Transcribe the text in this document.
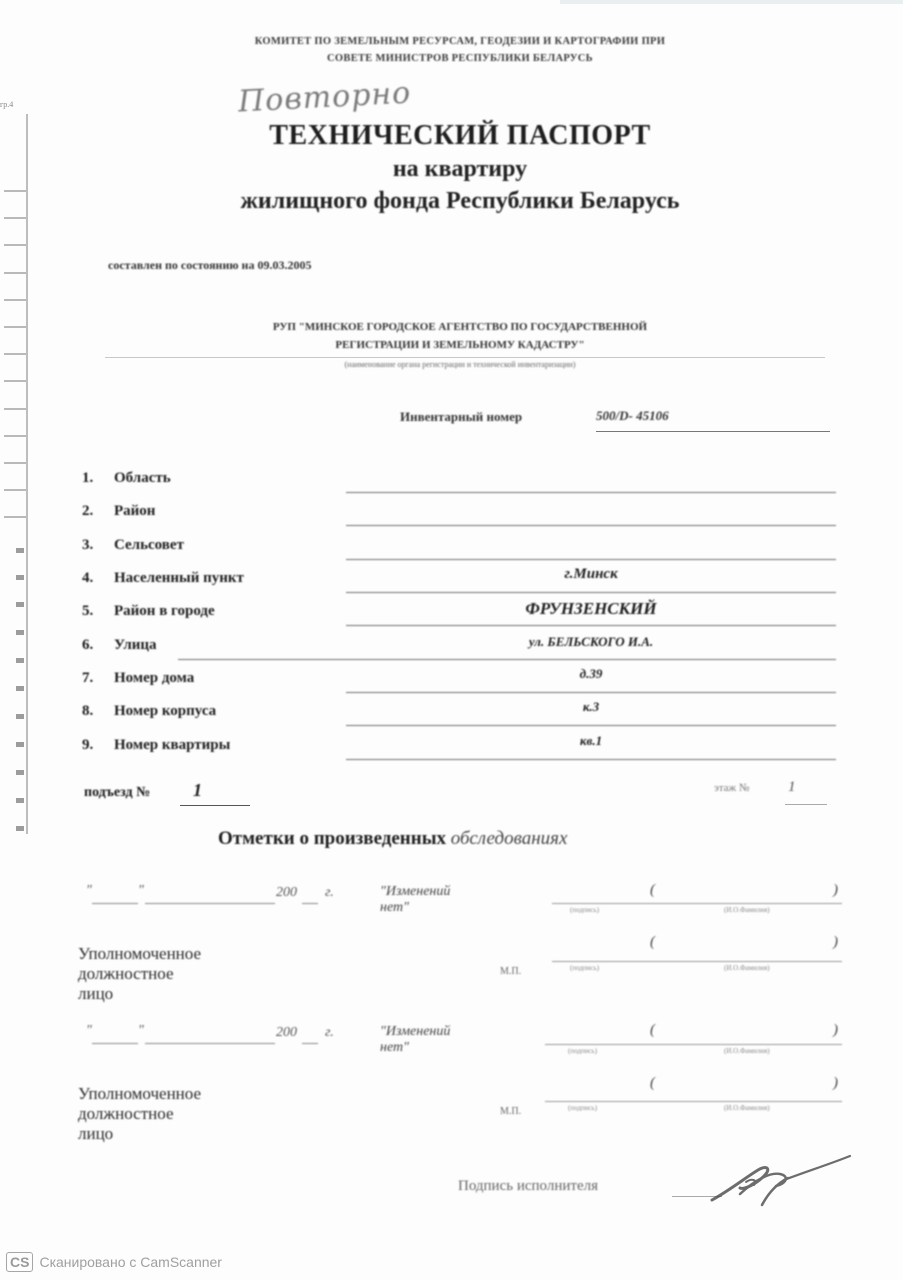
гр.4
КОМИТЕТ ПО ЗЕМЕЛЬНЫМ РЕСУРСАМ, ГЕОДЕЗИИ И КАРТОГРАФИИ ПРИ
СОВЕТЕ МИНИСТРОВ РЕСПУБЛИКИ БЕЛАРУСЬ
Повторно
ТЕХНИЧЕСКИЙ ПАСПОРТ
на квартиру
жилищного фонда Республики Беларусь
составлен по состоянию на 09.03.2005
РУП "МИНСКОЕ ГОРОДСКОЕ АГЕНТСТВО ПО ГОСУДАРСТВЕННОЙ
РЕГИСТРАЦИИ И ЗЕМЕЛЬНОМУ КАДАСТРУ"
(наименование органа регистрации и технической инвентаризации)
Инвентарный номер	500/D- 45106
1. Область
2. Район
3. Сельсовет
4. Населенный пункт	г.Минск
5. Район в городе	ФРУНЗЕНСКИЙ
6. Улица	ул. БЕЛЬСКОГО И.А.
7. Номер дома	д.39
8. Номер корпуса	к.3
9. Номер квартиры	кв.1
подъезд № 1	этаж №	1
Отметки о произведенных обследованиях
"	"	200 г.	"Изменений нет"
(	)
(подпись)	(И.О.Фамилия)
Уполномоченное должностное лицо
М.П.
(	)
(подпись)	(И.О.Фамилия)
"	"	200 г.	"Изменений нет"
(	)
(подпись)	(И.О.Фамилия)
Уполномоченное должностное лицо
М.П.
(	)
(подпись)	(И.О.Фамилия)
Подпись исполнителя
CS Сканировано с CamScanner
